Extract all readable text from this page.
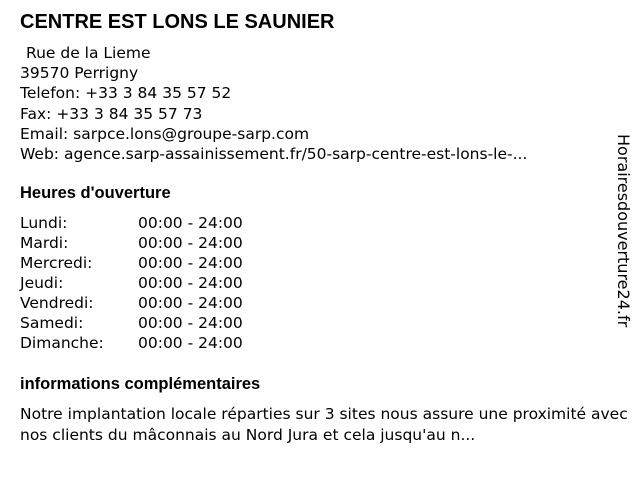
CENTRE EST LONS LE SAUNIER
Rue de la Lieme
39570 Perrigny
Telefon: +33 3 84 35 57 52
Fax: +33 3 84 35 57 73
Email: sarpce.lons@groupe-sarp.com
Web: agence.sarp-assainissement.fr/50-sarp-centre-est-lons-le-...
Heures d'ouverture
Lundi:	00:00 - 24:00
Mardi:	00:00 - 24:00
Mercredi:	00:00 - 24:00
Jeudi:	00:00 - 24:00
Vendredi:	00:00 - 24:00
Samedi:	00:00 - 24:00
Dimanche: 00:00 - 24:00
informations complémentaires
Notre implantation locale réparties sur 3 sites nous assure une proximité avec nos clients du mâconnais au Nord Jura et cela jusqu'au n...
Horairesdouverture24.fr
